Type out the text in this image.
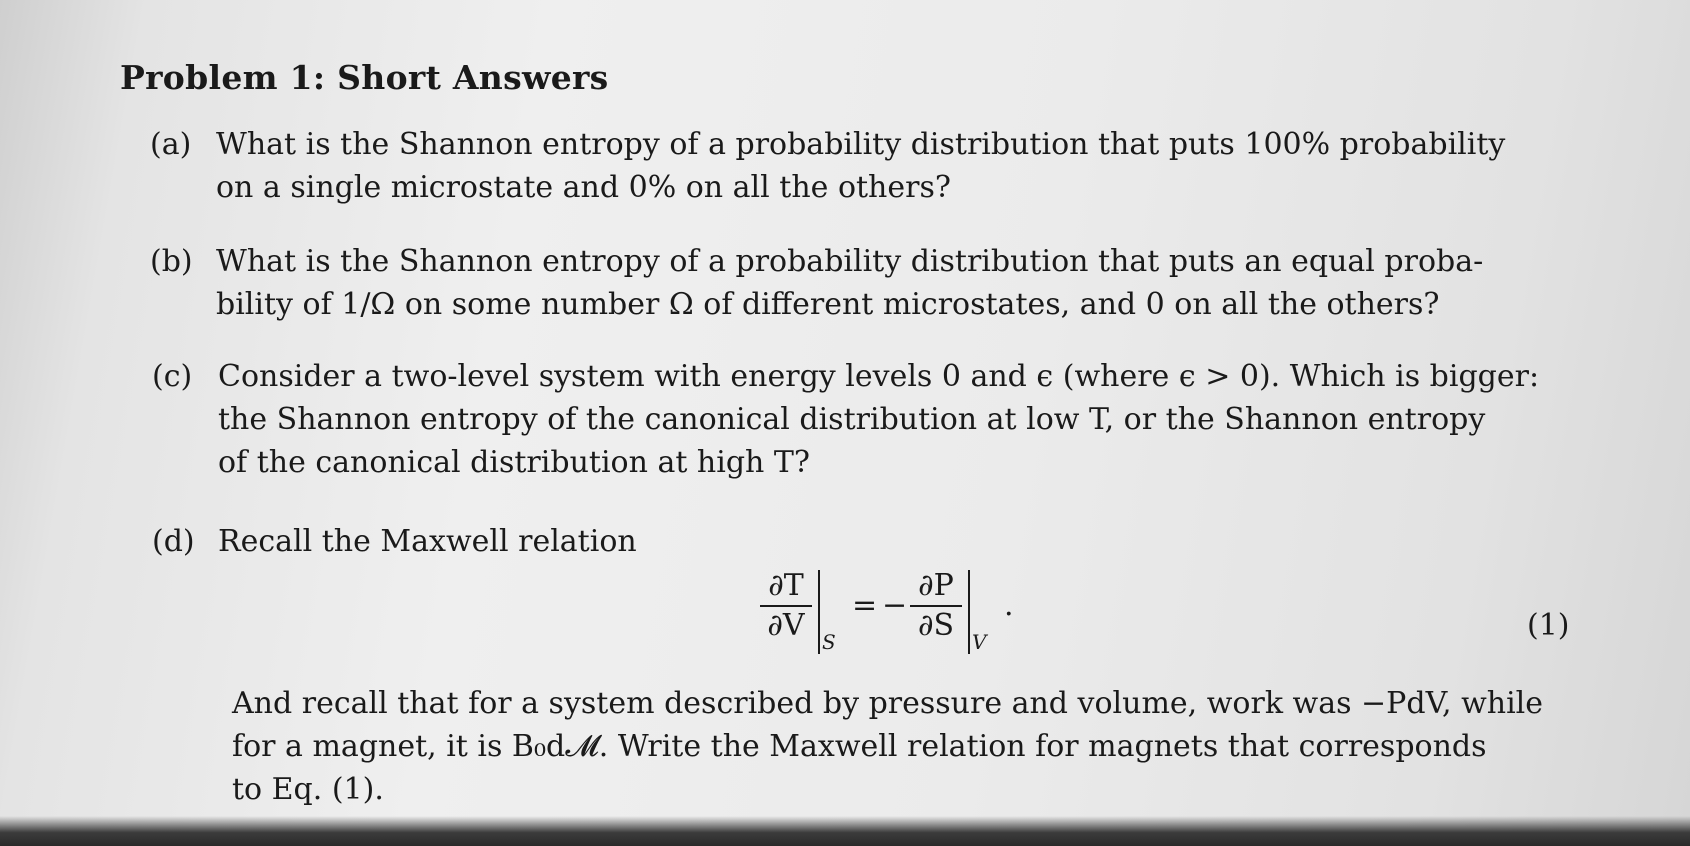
Problem 1: Short Answers
(a) What is the Shannon entropy of a probability distribution that puts 100% probability
on a single microstate and 0% on all the others?
(b) What is the Shannon entropy of a probability distribution that puts an equal proba-
bility of 1/Ω on some number Ω of different microstates, and 0 on all the others?
(c) Consider a two-level system with energy levels 0 and ϵ (where ϵ > 0). Which is bigger:
the Shannon entropy of the canonical distribution at low T, or the Shannon entropy
of the canonical distribution at high T?
(d) Recall the Maxwell relation
∂T
∂V S
= −
∂P
∂S V
.
(1)
And recall that for a system described by pressure and volume, work was −PdV, while
for a magnet, it is B₀d𝓜. Write the Maxwell relation for magnets that corresponds
to Eq. (1).
